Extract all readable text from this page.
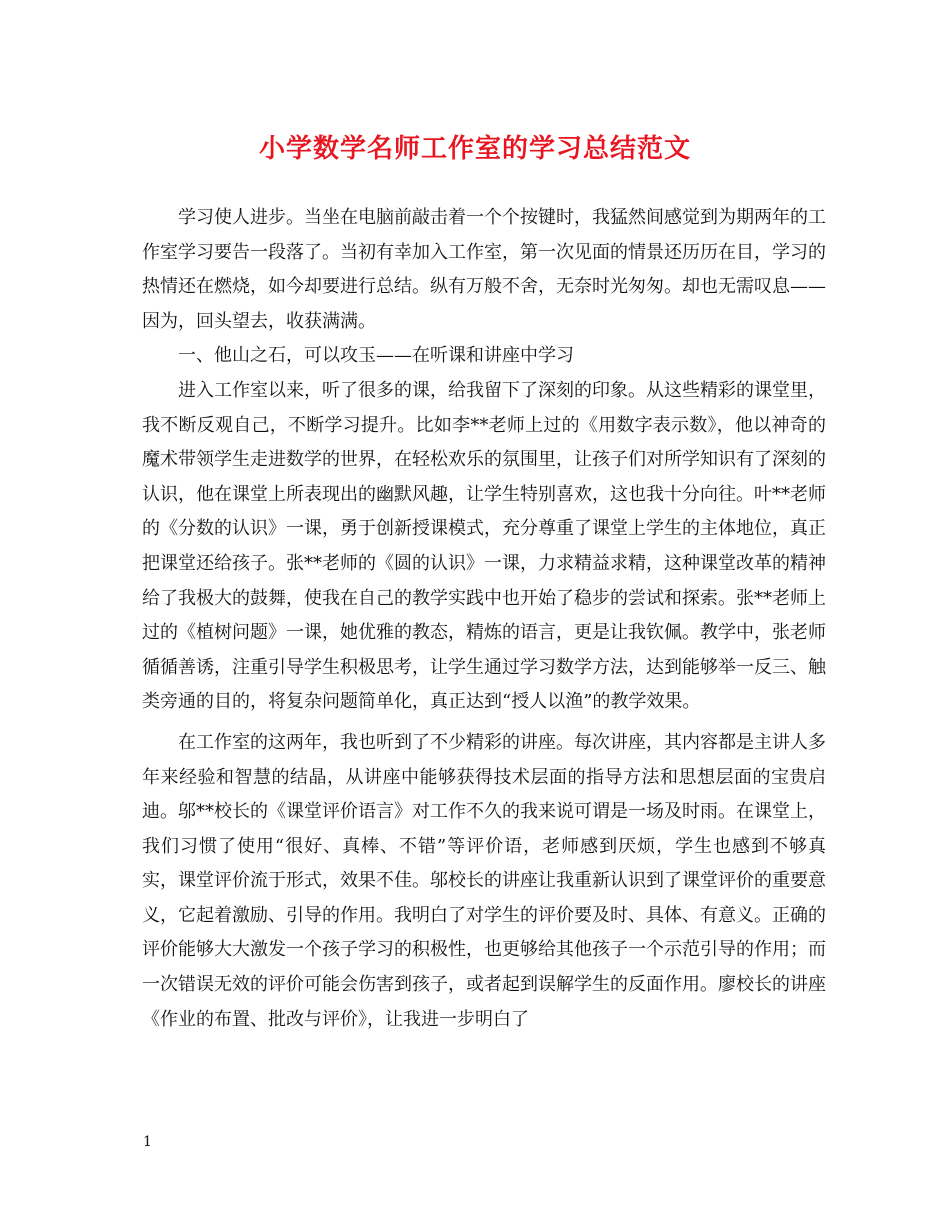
小学数学名师工作室的学习总结范文

学习使人进步。当坐在电脑前敲击着一个个按键时，我猛然间感觉到为期两年的工作室学习要告一段落了。当初有幸加入工作室，第一次见面的情景还历历在目，学习的热情还在燃烧，如今却要进行总结。纵有万般不舍，无奈时光匆匆。却也无需叹息——因为，回头望去，收获满满。

一、他山之石，可以攻玉——在听课和讲座中学习

进入工作室以来，听了很多的课，给我留下了深刻的印象。从这些精彩的课堂里，我不断反观自己，不断学习提升。比如李**老师上过的《用数字表示数》，他以神奇的魔术带领学生走进数学的世界，在轻松欢乐的氛围里，让孩子们对所学知识有了深刻的认识，他在课堂上所表现出的幽默风趣，让学生特别喜欢，这也我十分向往。叶**老师的《分数的认识》一课，勇于创新授课模式，充分尊重了课堂上学生的主体地位，真正把课堂还给孩子。张**老师的《圆的认识》一课，力求精益求精，这种课堂改革的精神给了我极大的鼓舞，使我在自己的教学实践中也开始了稳步的尝试和探索。张**老师上过的《植树问题》一课，她优雅的教态，精炼的语言，更是让我钦佩。教学中，张老师循循善诱，注重引导学生积极思考，让学生通过学习数学方法，达到能够举一反三、触类旁通的目的，将复杂问题简单化，真正达到“授人以渔”的教学效果。

在工作室的这两年，我也听到了不少精彩的讲座。每次讲座，其内容都是主讲人多年来经验和智慧的结晶，从讲座中能够获得技术层面的指导方法和思想层面的宝贵启迪。邬**校长的《课堂评价语言》对工作不久的我来说可谓是一场及时雨。在课堂上，我们习惯了使用“很好、真棒、不错”等评价语，老师感到厌烦，学生也感到不够真实，课堂评价流于形式，效果不佳。邬校长的讲座让我重新认识到了课堂评价的重要意义，它起着激励、引导的作用。我明白了对学生的评价要及时、具体、有意义。正确的评价能够大大激发一个孩子学习的积极性，也更够给其他孩子一个示范引导的作用；而一次错误无效的评价可能会伤害到孩子，或者起到误解学生的反面作用。廖校长的讲座《作业的布置、批改与评价》，让我进一步明白了

1
